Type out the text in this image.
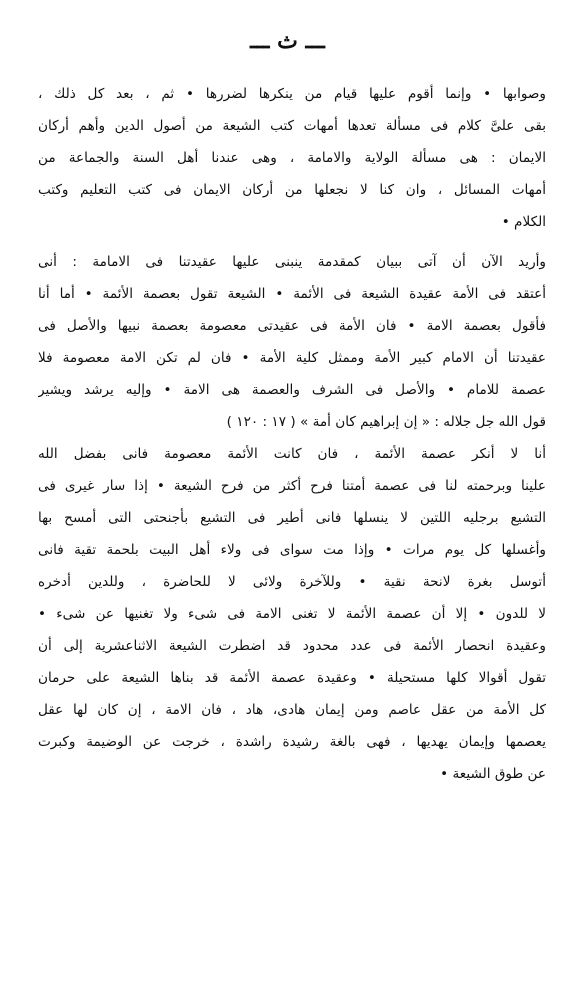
ـــ ث ـــ
وصوابها • وإنما أقوم عليها قيام من ينكرها لضررها • ثم ، بعد كل ذلك ،
بقى علىَّ كلام فى مسألة تعدها أمهات كتب الشيعة من أصول الدين وأهم أركان
الايمان : هى مسألة الولاية والامامة ، وهى عندنا أهل السنة والجماعة من
أمهات المسائل ، وان كنا لا نجعلها من أركان الايمان فى كتب التعليم وكتب
الكلام •
وأريد الآن أن آتى ببيان كمقدمة ينبنى عليها عقيدتنا فى الامامة : أنى
أعتقد فى الأمة عقيدة الشيعة فى الأئمة • الشيعة تقول بعصمة الأئمة • أما أنا
فأقول بعصمة الامة • فان الأمة فى عقيدتى معصومة بعصمة نبيها والأصل فى
عقيدتنا أن الامام كبير الأمة وممثل كلية الأمة • فان لم تكن الامة معصومة فلا
عصمة للامام • والأصل فى الشرف والعصمة هى الامة • وإليه يرشد ويشير
قول الله جل جلاله : « إن إبراهيم كان أمة » ( ١٧ : ١٢٠ )
أنا لا أنكر عصمة الأئمة ، فان كانت الأئمة معصومة فانى بفضل الله
علينا وبرحمته لنا فى عصمة أمتنا فرح أكثر من فرح الشيعة • إذا سار غيرى فى
التشيع برجليه اللتين لا ينسلها فانى أطير فى التشيع بأجنحتى التى أمسح بها
وأغسلها كل يوم مرات • وإذا مت سواى فى ولاء أهل البيت بلحمة تقية فانى
أتوسل بغرة لانحة نقية • وللآخرة ولائى لا للحاضرة ، وللدين أدخره
لا للدون • إلا أن عصمة الأئمة لا تغنى الامة فى شىء ولا تغنيها عن شىء •
وعقيدة انحصار الأئمة فى عدد محدود قد اضطرت الشيعة الاثناعشرية إلى أن
تقول أقوالا كلها مستحيلة • وعقيدة عصمة الأئمة قد بناها الشيعة على حرمان
كل الأمة من عقل عاصم ومن إيمان هادى، هاد ، فان الامة ، إن كان لها عقل
يعصمها وإيمان يهديها ، فهى بالغة رشيدة راشدة ، خرجت عن الوضيمة وكبرت
عن طوق الشيعة •
